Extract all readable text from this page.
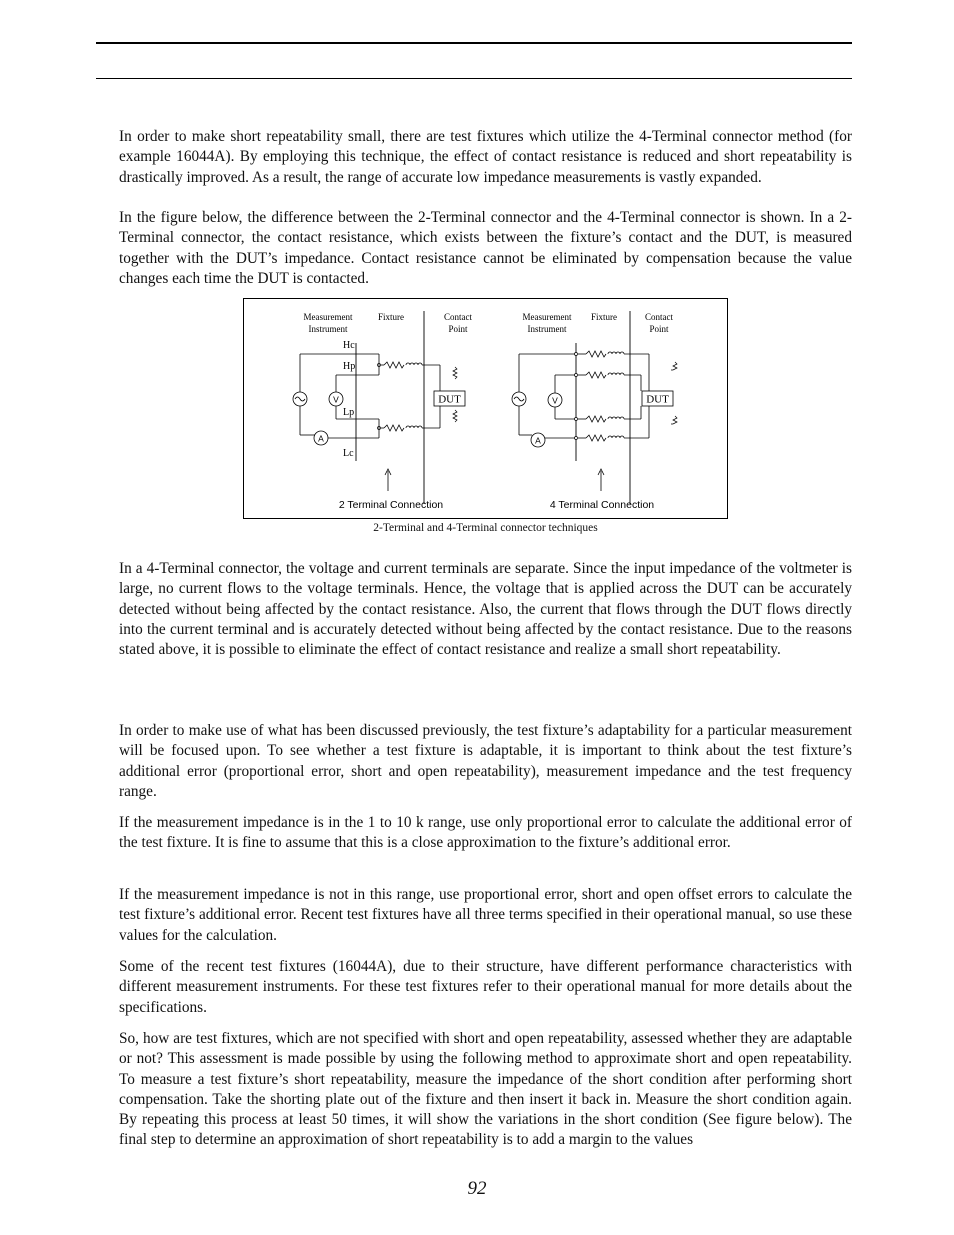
In order to make short repeatability small, there are test fixtures which utilize the 4-Terminal connector method (for example 16044A). By employing this technique, the effect of contact resistance is reduced and short repeatability is drastically improved. As a result, the range of accurate low impedance measurements is vastly expanded.

In the figure below, the difference between the 2-Terminal connector and the 4-Terminal connector is shown. In a 2-Terminal connector, the contact resistance, which exists between the fixture’s contact and the DUT, is measured together with the DUT’s impedance. Contact resistance cannot be eliminated by compensation because the value changes each time the DUT is contacted.

Measurement
Instrument
Fixture	Contact
Point
Hc
Hp
Lp
Lc
A
V	DUT
2 Terminal Connection
Measurement
Instrument
Fixture	Contact
Point
A
V	DUT
4 Terminal Connection
2-Terminal and 4-Terminal connector techniques

In a 4-Terminal connector, the voltage and current terminals are separate. Since the input impedance of the voltmeter is large, no current flows to the voltage terminals. Hence, the voltage that is applied across the DUT can be accurately detected without being affected by the contact resistance. Also, the current that flows through the DUT flows directly into the current terminal and is accurately detected without being affected by the contact resistance. Due to the reasons stated above, it is possible to eliminate the effect of contact resistance and realize a small short repeatability.

In order to make use of what has been discussed previously, the test fixture’s adaptability for a particular measurement will be focused upon. To see whether a test fixture is adaptable, it is important to think about the test fixture’s additional error (proportional error, short and open repeatability), measurement impedance and the test frequency range.

If the measurement impedance is in the 1 to 10 k range, use only proportional error to calculate the additional error of the test fixture. It is fine to assume that this is a close approximation to the fixture’s additional error.

If the measurement impedance is not in this range, use proportional error, short and open offset errors to calculate the test fixture’s additional error. Recent test fixtures have all three terms specified in their operational manual, so use these values for the calculation.

Some of the recent test fixtures (16044A), due to their structure, have different performance characteristics with different measurement instruments. For these test fixtures refer to their operational manual for more details about the specifications.

So, how are test fixtures, which are not specified with short and open repeatability, assessed whether they are adaptable or not? This assessment is made possible by using the following method to approximate short and open repeatability. To measure a test fixture’s short repeatability, measure the impedance of the short condition after performing short compensation. Take the shorting plate out of the fixture and then insert it back in. Measure the short condition again. By repeating this process at least 50 times, it will show the variations in the short condition (See figure below). The final step to determine an approximation of short repeatability is to add a margin to the values

92
